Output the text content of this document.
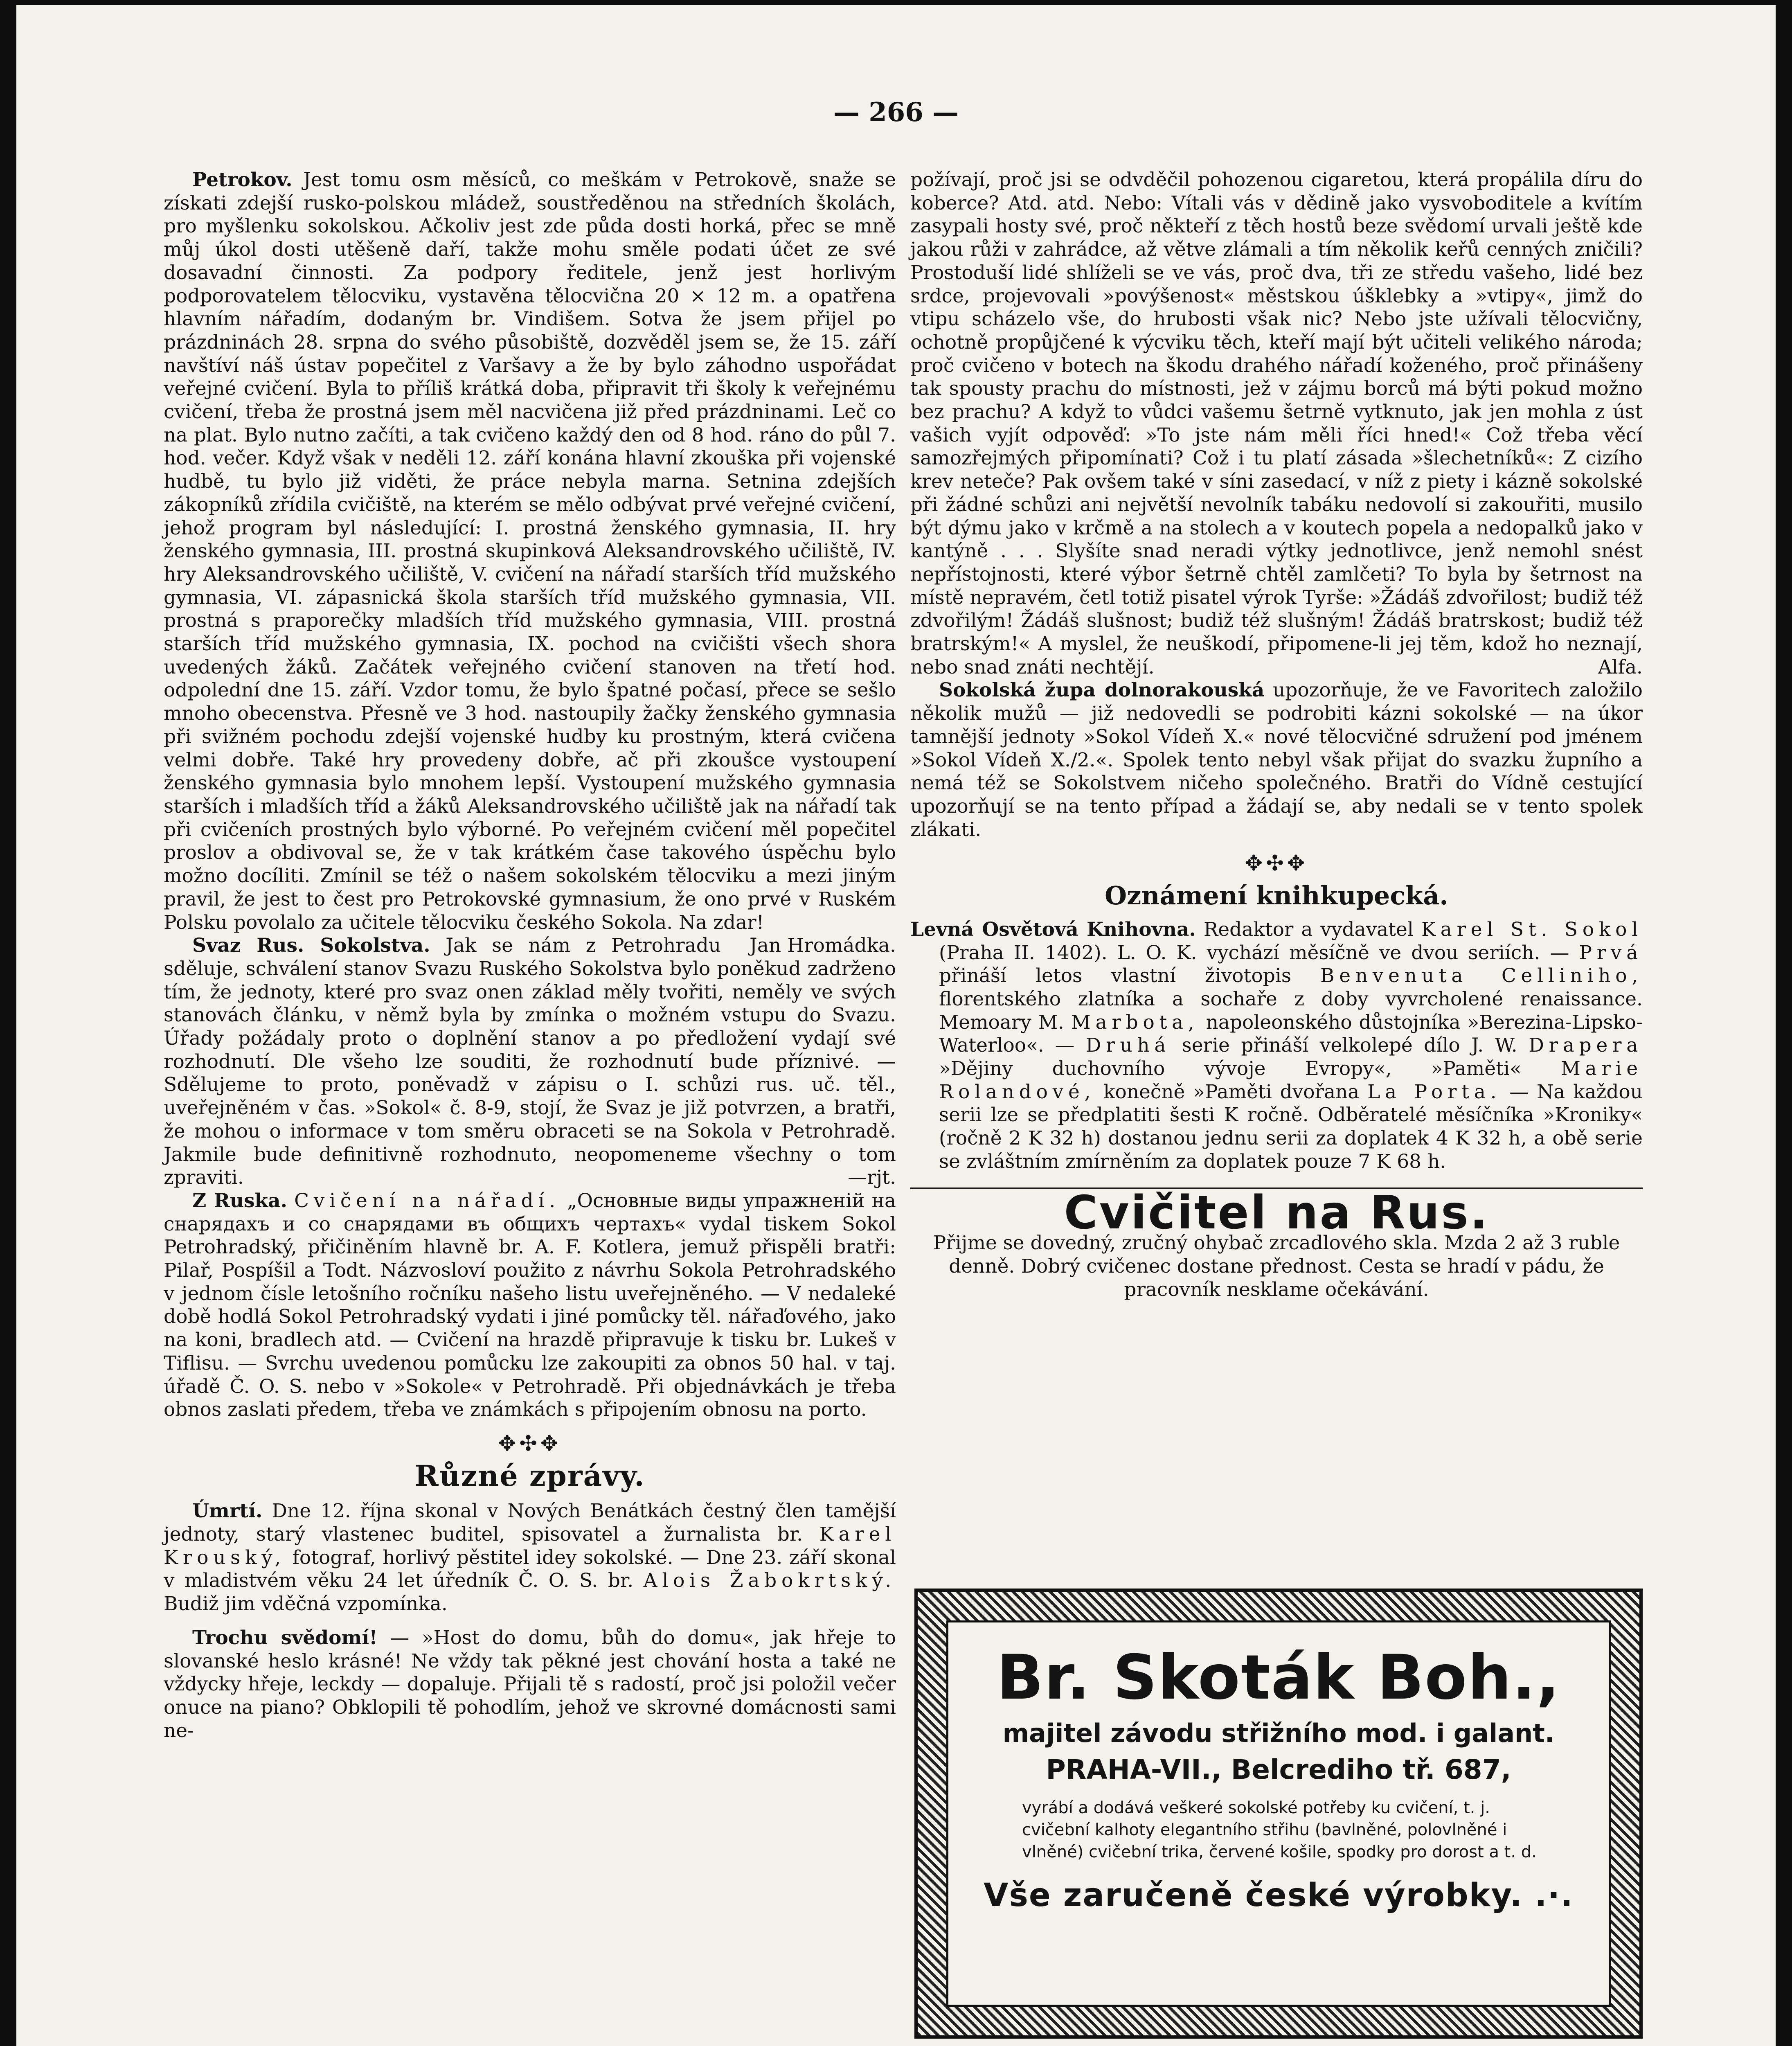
— 266 —

Petrokov. Jest tomu osm měsíců, co meškám v Petrokově, snaže se získati zdejší rusko-polskou mládež, soustředěnou na středních školách, pro myšlenku sokolskou. Ačkoliv jest zde půda dosti horká, přec se mně můj úkol dosti utěšeně daří, takže mohu směle podati účet ze své dosavadní činnosti. Za podpory ředitele, jenž jest horlivým podporovatelem tělocviku, vystavěna tělocvična 20 × 12 m. a opatřena hlavním nářadím, dodaným br. Vindišem. Sotva že jsem přijel po prázdninách 28. srpna do svého působiště, dozvěděl jsem se, že 15. září navštíví náš ústav popečitel z Varšavy a že by bylo záhodno uspořádat veřejné cvičení. Byla to příliš krátká doba, připravit tři školy k veřejnému cvičení, třeba že prostná jsem měl nacvičena již před prázdninami. Leč co na plat. Bylo nutno začíti, a tak cvičeno každý den od 8 hod. ráno do půl 7. hod. večer. Když však v neděli 12. září konána hlavní zkouška při vojenské hudbě, tu bylo již viděti, že práce nebyla marna. Setnina zdejších zákopníků zřídila cvičiště, na kterém se mělo odbývat prvé veřejné cvičení, jehož program byl následující: I. prostná ženského gymnasia, II. hry ženského gymnasia, III. prostná skupinková Aleksandrovského učiliště, IV. hry Aleksandrovského učiliště, V. cvičení na nářadí starších tříd mužského gymnasia, VI. zápasnická škola starších tříd mužského gymnasia, VII. prostná s praporečky mladších tříd mužského gymnasia, VIII. prostná starších tříd mužského gymnasia, IX. pochod na cvičišti všech shora uvedených žáků. Začátek veřejného cvičení stanoven na třetí hod. odpolední dne 15. září. Vzdor tomu, že bylo špatné počasí, přece se sešlo mnoho obecenstva. Přesně ve 3 hod. nastoupily žačky ženského gymnasia při svižném pochodu zdejší vojenské hudby ku prostným, která cvičena velmi dobře. Také hry provedeny dobře, ač při zkoušce vystoupení ženského gymnasia bylo mnohem lepší. Vystoupení mužského gymnasia starších i mladších tříd a žáků Aleksandrovského učiliště jak na nářadí tak při cvičeních prostných bylo výborné. Po veřejném cvičení měl popečitel proslov a obdivoval se, že v tak krátkém čase takového úspěchu bylo možno docíliti. Zmínil se též o našem sokolském tělocviku a mezi jiným pravil, že jest to čest pro Petrokovské gymnasium, že ono prvé v Ruském Polsku povolalo za učitele tělocviku českého Sokola. Na zdar!
Jan Hromádka.

Svaz Rus. Sokolstva. Jak se nám z Petrohradu sděluje, schválení stanov Svazu Ruského Sokolstva bylo poněkud zadrženo tím, že jednoty, které pro svaz onen základ měly tvořiti, neměly ve svých stanovách článku, v němž byla by zmínka o možném vstupu do Svazu. Úřady požádaly proto o doplnění stanov a po předložení vydají své rozhodnutí. Dle všeho lze souditi, že rozhodnutí bude příznivé. — Sdělujeme to proto, poněvadž v zápisu o I. schůzi rus. uč. těl., uveřejněném v čas. »Sokol« č. 8-9, stojí, že Svaz je již potvrzen, a bratři, že mohou o informace v tom směru obraceti se na Sokola v Petrohradě. Jakmile bude definitivně rozhodnuto, neopomeneme všechny o tom zpraviti.	—rjt.

Z Ruska. Cvičení na nářadí. „Основные виды упражненій на снарядахъ и со снарядами въ общихъ чертахъ« vydal tiskem Sokol Petrohradský, přičiněním hlavně br. A. F. Kotlera, jemuž přispěli bratři: Pilař, Pospíšil a Todt. Názvosloví použito z návrhu Sokola Petrohradského v jednom čísle letošního ročníku našeho listu uveřejněného. — V nedaleké době hodlá Sokol Petrohradský vydati i jiné pomůcky těl. nářaďového, jako na koni, bradlech atd. — Cvičení na hrazdě připravuje k tisku br. Lukeš v Tiflisu. — Svrchu uvedenou pomůcku lze zakoupiti za obnos 50 hal. v taj. úřadě Č. O. S. nebo v »Sokole« v Petrohradě. Při objednávkách je třeba obnos zaslati předem, třeba ve známkách s připojením obnosu na porto.

✥✣✥
Různé zprávy.

Úmrtí. Dne 12. října skonal v Nových Benátkách čestný člen tamější jednoty, starý vlastenec buditel, spisovatel a žurnalista br. Karel Krouský, fotograf, horlivý pěstitel idey sokolské. — Dne 23. září skonal v mladistvém věku 24 let úředník Č. O. S. br. Alois Žabokrtský. Budiž jim vděčná vzpomínka.

Trochu svědomí! — »Host do domu, bůh do domu«, jak hřeje to slovanské heslo krásné! Ne vždy tak pěkné jest chování hosta a také ne vždycky hřeje, leckdy — dopaluje. Přijali tě s radostí, proč jsi položil večer onuce na piano? Obklopili tě pohodlím, jehož ve skrovné domácnosti sami ne-

požívají, proč jsi se odvděčil pohozenou cigaretou, která propálila díru do koberce? Atd. atd. Nebo: Vítali vás v dědině jako vysvoboditele a kvítím zasypali hosty své, proč někteří z těch hostů beze svědomí urvali ještě kde jakou růži v zahrádce, až větve zlámali a tím několik keřů cenných zničili? Prostoduší lidé shlíželi se ve vás, proč dva, tři ze středu vašeho, lidé bez srdce, projevovali »povýšenost« městskou úšklebky a »vtipy«, jimž do vtipu scházelo vše, do hrubosti však nic? Nebo jste užívali tělocvičny, ochotně propůjčené k výcviku těch, kteří mají být učiteli velikého národa; proč cvičeno v botech na škodu drahého nářadí koženého, proč přinášeny tak spousty prachu do místnosti, jež v zájmu borců má býti pokud možno bez prachu? A když to vůdci vašemu šetrně vytknuto, jak jen mohla z úst vašich vyjít odpověď: »To jste nám měli říci hned!« Což třeba věcí samozřejmých připomínati? Což i tu platí zásada »šlechetníků«: Z cizího krev neteče? Pak ovšem také v síni zasedací, v níž z piety i kázně sokolské při žádné schůzi ani největší nevolník tabáku nedovolí si zakouřiti, musilo být dýmu jako v krčmě a na stolech a v koutech popela a nedopalků jako v kantýně . . . Slyšíte snad neradi výtky jednotlivce, jenž nemohl snést nepřístojnosti, které výbor šetrně chtěl zamlčeti? To byla by šetrnost na místě nepravém, četl totiž pisatel výrok Tyrše: »Žádáš zdvořilost; budiž též zdvořilým! Žádáš slušnost; budiž též slušným! Žádáš bratrskost; budiž též bratrským!« A myslel, že neuškodí, připomene-li jej těm, kdož ho neznají, nebo snad znáti nechtějí.	Alfa.

Sokolská župa dolnorakouská upozorňuje, že ve Favoritech založilo několik mužů — již nedovedli se podrobiti kázni sokolské — na úkor tamnější jednoty »Sokol Vídeň X.« nové tělocvičné sdružení pod jménem »Sokol Vídeň X./2.«. Spolek tento nebyl však přijat do svazku župního a nemá též se Sokolstvem ničeho společného. Bratři do Vídně cestující upozorňují se na tento případ a žádají se, aby nedali se v tento spolek zlákati.

✥✣✥
Oznámení knihkupecká.

Levná Osvětová Knihovna. Redaktor a vydavatel Karel St. Sokol (Praha II. 1402). L. O. K. vychází měsíčně ve dvou seriích. — Prvá přináší letos vlastní životopis Benvenuta Celliniho, florentského zlatníka a sochaře z doby vyvrcholené renaissance. Memoary M. Marbota, napoleonského důstojníka »Berezina-Lipsko-Waterloo«. — Druhá serie přináší velkolepé dílo J. W. Drapera »Dějiny duchovního vývoje Evropy«, »Paměti« Marie Rolandové, konečně »Paměti dvořana La Porta. — Na každou serii lze se předplatiti šesti K ročně. Odběratelé měsíčníka »Kroniky« (ročně 2 K 32 h) dostanou jednu serii za doplatek 4 K 32 h, a obě serie se zvláštním zmírněním za doplatek pouze 7 K 68 h.

Cvičitel na Rus.

Přijme se dovedný, zručný ohybač zrcadlového skla. Mzda 2 až 3 ruble denně. Dobrý cvičenec dostane přednost. Cesta se hradí v pádu, že pracovník nesklame očekávání.

Br. Skoták Boh.,
majitel závodu střižního mod. i galant.
PRAHA-VII., Belcrediho tř. 687,
vyrábí a dodává veškeré sokolské potřeby ku cvičení, t. j. cvičební kalhoty elegantního střihu (bavlněné, polovlněné i vlněné) cvičební trika, červené košile, spodky pro dorost a t. d.
Vše zaručeně české výrobky. .·.
